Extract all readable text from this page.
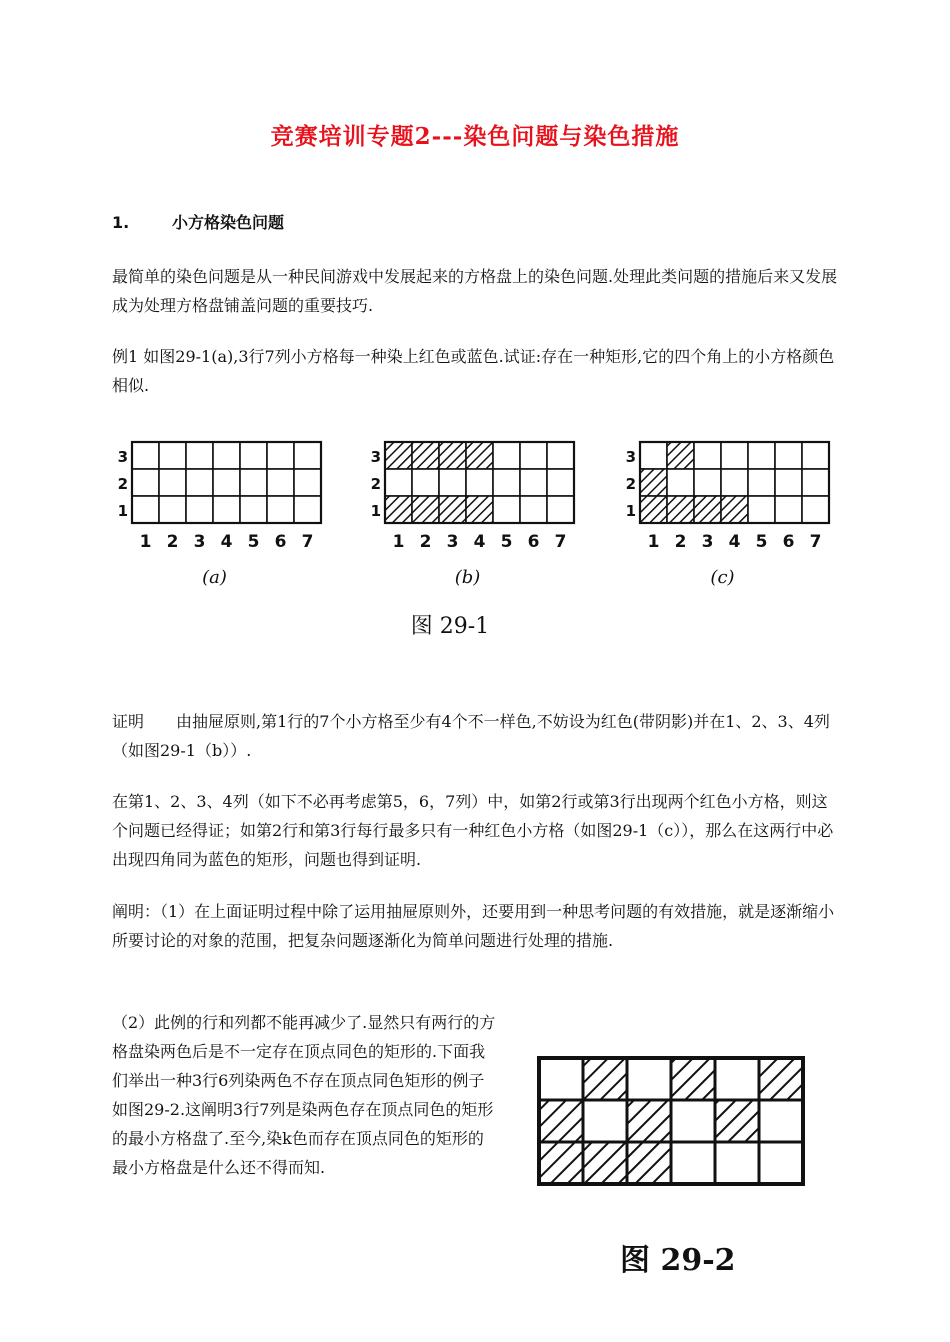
竞赛培训专题2---染色问题与染色措施
1.	小方格染色问题

最简单的染色问题是从一种民间游戏中发展起来的方格盘上的染色问题.处理此类问题的措施后来又发展成为处理方格盘铺盖问题的重要技巧.

例1 如图29-1(a),3行7列小方格每一种染上红色或蓝色.试证:存在一种矩形,它的四个角上的小方格颜色相似.

3
2
1
1 2 3 4 5 6 7
(a)
3
2
1
1 2 3 4 5 6 7
(b)
3
2
1
1 2 3 4 5 6 7
(c)
图 29-1

证明　　由抽屉原则,第1行的7个小方格至少有4个不一样色,不妨设为红色(带阴影)并在1、2、3、4列（如图29-1（b））.

在第1、2、3、4列（如下不必再考虑第5，6，7列）中，如第2行或第3行出现两个红色小方格，则这个问题已经得证；如第2行和第3行每行最多只有一种红色小方格（如图29-1（c）），那么在这两行中必出现四角同为蓝色的矩形，问题也得到证明.

阐明：（1）在上面证明过程中除了运用抽屉原则外，还要用到一种思考问题的有效措施，就是逐渐缩小所要讨论的对象的范围，把复杂问题逐渐化为简单问题进行处理的措施.

（2）此例的行和列都不能再减少了.显然只有两行的方格盘染两色后是不一定存在顶点同色的矩形的.下面我们举出一种3行6列染两色不存在顶点同色矩形的例子如图29-2.这阐明3行7列是染两色存在顶点同色的矩形的最小方格盘了.至今,染k色而存在顶点同色的矩形的最小方格盘是什么还不得而知.

图 29-2
